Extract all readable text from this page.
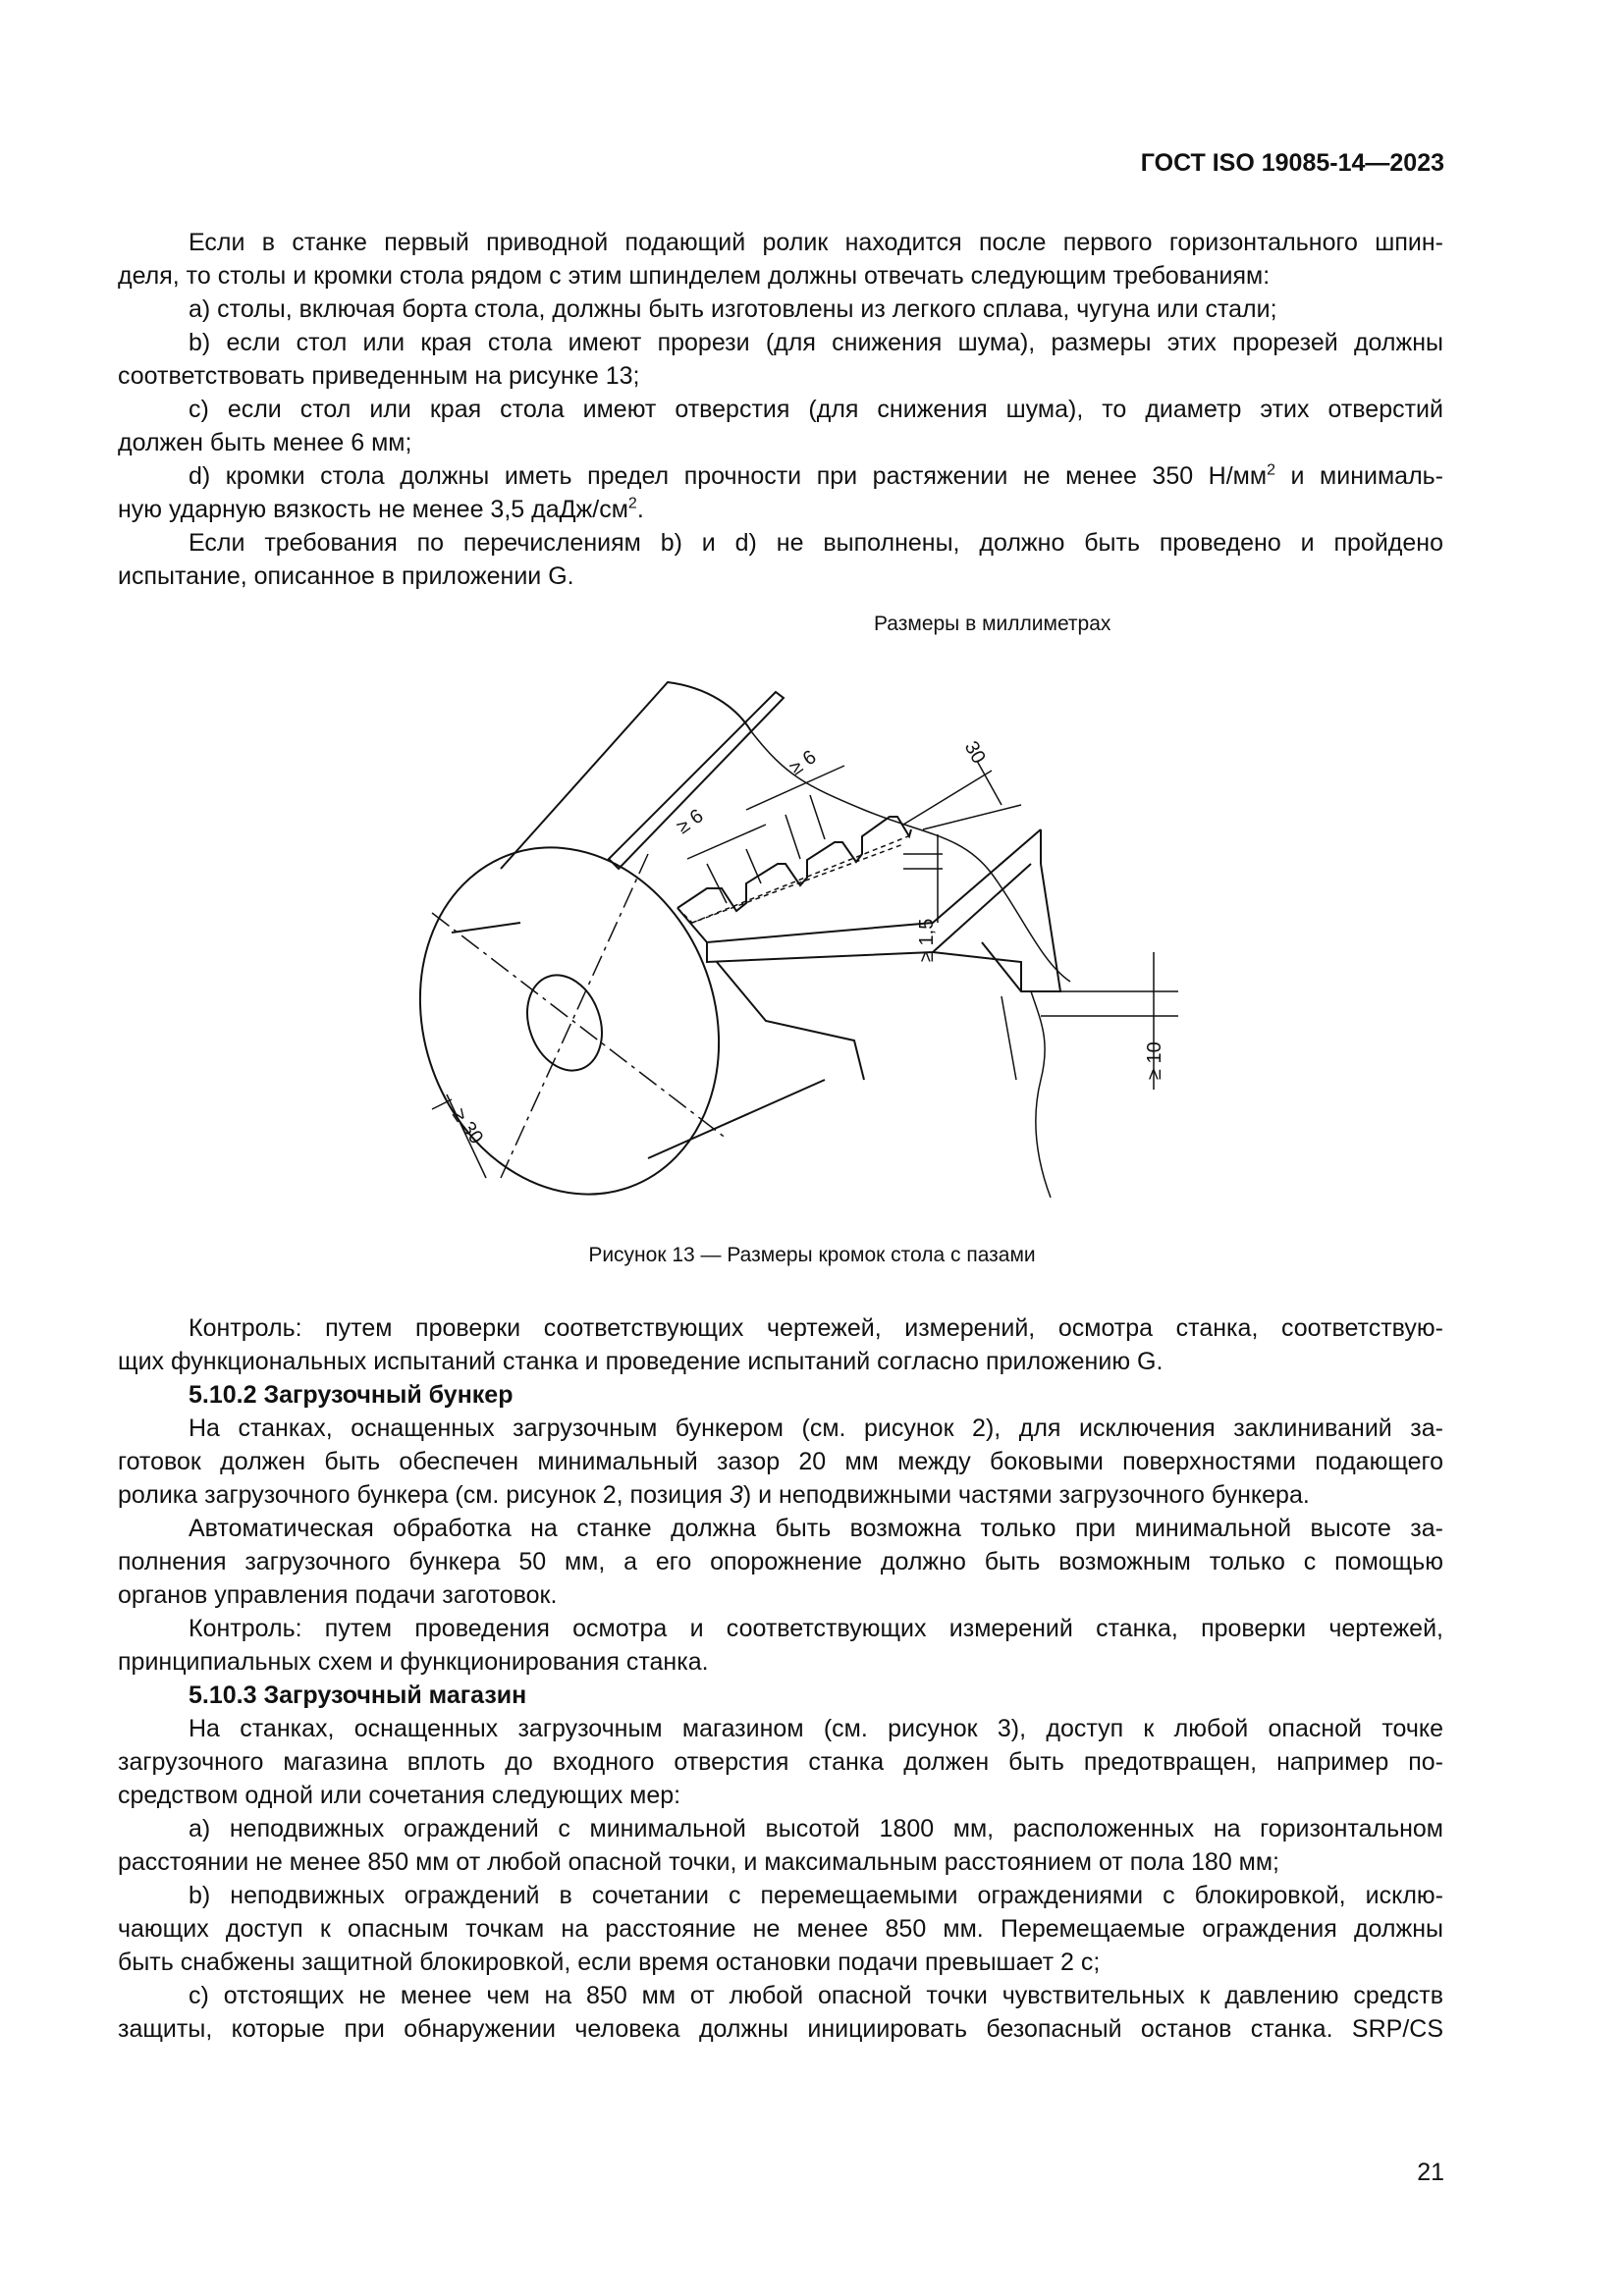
ГОСТ ISO 19085-14—2023

Если в станке первый приводной подающий ролик находится после первого горизонтального шпин-

деля, то столы и кромки стола рядом с этим шпинделем должны отвечать следующим требованиям:

а) столы, включая борта стола, должны быть изготовлены из легкого сплава, чугуна или стали;

b) если стол или края стола имеют прорези (для снижения шума), размеры этих прорезей должны

соответствовать приведенным на рисунке 13;

с) если стол или края стола имеют отверстия (для снижения шума), то диаметр этих отверстий

должен быть менее 6 мм;

d) кромки стола должны иметь предел прочности при растяжении не менее 350 $Н/мм^2$ и минималь-

ную ударную вязкость не менее 3,5 даДж/$см^2$.

Если требования по перечислениям b) и d) не выполнены, должно быть проведено и пройдено

испытание, описанное в приложении G.

Размеры в миллиметрах
30
≥ 6
≥ 6
≥ 1,5
≥ 10
≥ 30
Рисунок 13 — Размеры кромок стола с пазами

Контроль: путем проверки соответствующих чертежей, измерений, осмотра станка, соответствую-

щих функциональных испытаний станка и проведение испытаний согласно приложению G.

5.10.2 Загрузочный бункер

На станках, оснащенных загрузочным бункером (см. рисунок 2), для исключения заклиниваний за-

готовок должен быть обеспечен минимальный зазор 20 мм между боковыми поверхностями подающего

ролика загрузочного бункера (см. рисунок 2, позиция 3) и неподвижными частями загрузочного бункера.

Автоматическая обработка на станке должна быть возможна только при минимальной высоте за-

полнения загрузочного бункера 50 мм, а его опорожнение должно быть возможным только с помощью

органов управления подачи заготовок.

Контроль: путем проведения осмотра и соответствующих измерений станка, проверки чертежей,

принципиальных схем и функционирования станка.

5.10.3 Загрузочный магазин

На станках, оснащенных загрузочным магазином (см. рисунок 3), доступ к любой опасной точке

загрузочного магазина вплоть до входного отверстия станка должен быть предотвращен, например по-

средством одной или сочетания следующих мер:

а) неподвижных ограждений с минимальной высотой 1800 мм, расположенных на горизонтальном

расстоянии не менее 850 мм от любой опасной точки, и максимальным расстоянием от пола 180 мм;

b) неподвижных ограждений в сочетании с перемещаемыми ограждениями с блокировкой, исклю-

чающих доступ к опасным точкам на расстояние не менее 850 мм. Перемещаемые ограждения должны

быть снабжены защитной блокировкой, если время остановки подачи превышает 2 с;

с) отстоящих не менее чем на 850 мм от любой опасной точки чувствительных к давлению средств

защиты, которые при обнаружении человека должны инициировать безопасный останов станка. SRP/CS

21
